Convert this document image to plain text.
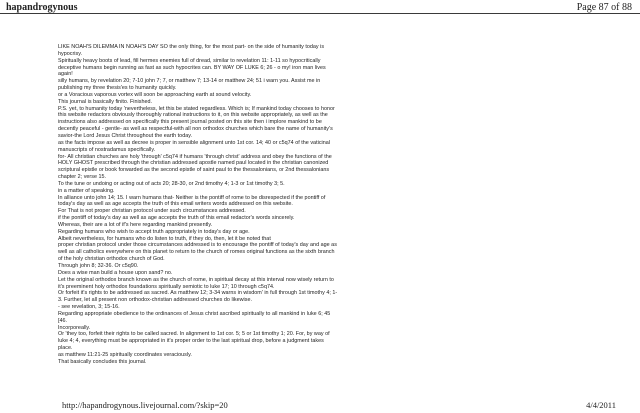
hapandrogynous	Page 87 of 88
LIKE NOAH'S DILEMMA IN NOAH'S DAY SO the only thing, for the most part- on the side of humanity today is
hypocrisy.
Spiritually heavy boots of lead, fill hermes enemies full of dread, similar to revelation 11: 1-11 so hypocritically
deceptive humans begin running as fast as such hypocrites can. BY WAY OF LUKE 6; 26 - o my! iron man lives
again!
silly humans, by revelation 20; 7-10 john 7; 7, or matthew 7; 13-14 or matthew 24; 51 i warn you. Assist me in
publishing my three thesis'es to humanity quickly.
or a Voracious vaporous vortex will soon be approaching earth at sound velocity.
This journal is basically finito. Finished.
P.S. yet, to humanity today 'nevertheless, let this be stated regardless. Which is; If mankind today chooses to honor
this website redactors obviously thoroughly rational instructions to it, on this website appropriately, as well as the
instructions also addressed on specifically this present journal posted on this site then i implore mankind to be
decently peaceful - gentle- as well as respectful-with all non orthodox churches which bare the name of humanity's
savior-the Lord Jesus Christ throughout the earth today.
as the facts impose as well as decree is proper in sensible alignment unto 1st cor. 14; 40 or c5q74 of the vaticinal
manuscripts of nostradamus specifically.
for- All christian churches are holy 'through' c5q74 if humans 'through christ' address and obey the functions of the
HOLY GHOST prescribed through the christian addressed apostle named paul located in the christian canonized
scriptural epistle or book forwarded as the second epistle of saint paul to the thessalonians, or 2nd thessalonians
chapter 2; verse 15.
To the tune or undoing or acting out of acts 20; 28-30, or 2nd timothy 4; 1-3 or 1st timothy 3; 5.
in a matter of speaking.
In alliance unto john 14; 15. I warn humans that- Neither is the pontiff of rome to be disrespected if the pontiff of
today's day as well as age accepts the truth of this email writers words addressed on this website.
For That is not proper christian protocol under such circumstances addressed.
if the pontiff of today's day as well as age accepts the truth of this email redactor's words sincerely.
Whereas, their are a lot of if's here regarding mankind presently.
Regarding humans who wish to accept truth appropriately in today's day or age.
Albeit nevertheless, for humans who do listen to truth, if they do, then, let it be noted that
proper christian protocol under those circumstances addressed is to encourage the pontiff of today's day and age as
well as all catholics everywhere on this planet to return to the church of romes original functions as the sixth branch
of the holy christian orthodox church of God.
Through john 8; 32-36. Or c5q90.
Does a wise man build a house upon sand? no.
Let the original orthodox branch known as the church of rome, in spiritual decay at this interval now wisely return to
it's preeminent holy orthodox foundations spiritually semiotic to luke 17; 10 through c5q74.
Or forfeit it's rights to be addressed as sacred. As matthew 12; 3-34 warns in wisdom' in full through 1st timothy 4; 1-
3. Further, let all present non orthodox-christian addressed churches do likewise.
- see revelation, 3; 15-16.
Regarding appropriate obedience to the ordinances of Jesus christ ascribed spiritually to all mankind in luke 6; 45
[46.
Incorporeally.
Or 'they too, forfeit their rights to be called sacred. In alignment to 1st cor. 5; 5 or 1st timothy 1; 20. For, by way of
luke 4; 4, everything must be appropriated in it's proper order to the last spiritual drop, before a judgment takes
place.
as matthew 11:21-25 spiritually coordinates veraciously.
That basically concludes this journal.
http://hapandrogynous.livejournal.com/?skip=20	4/4/2011
